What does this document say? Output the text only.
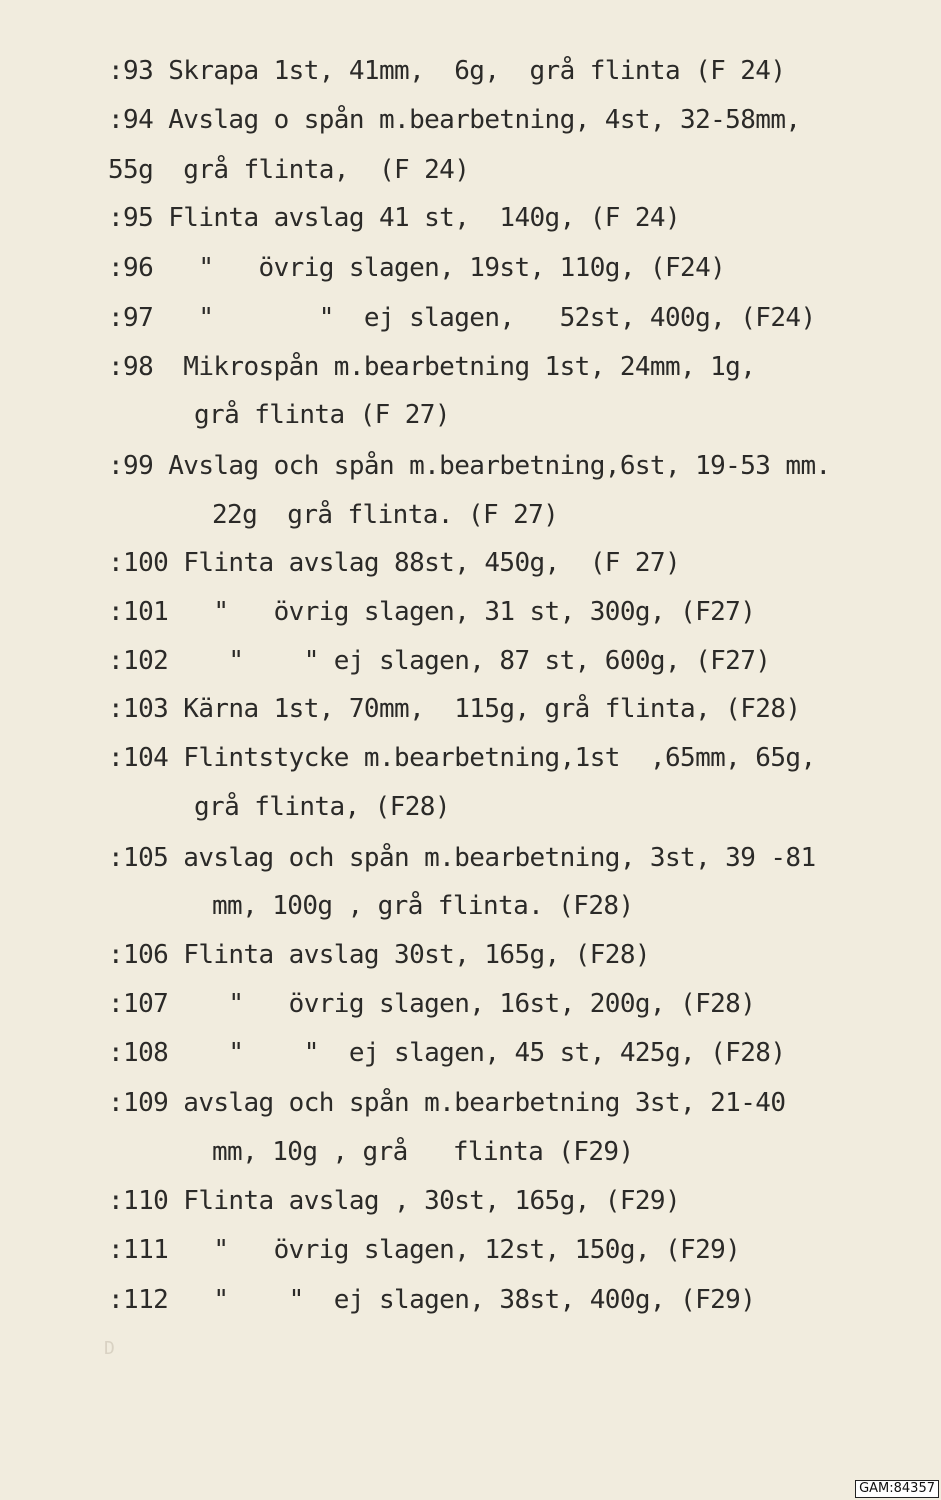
:93 Skrapa 1st, 41mm,  6g,  grå flinta (F 24)
:94 Avslag o spån m.bearbetning, 4st, 32-58mm,
55g  grå flinta,  (F 24)
:95 Flinta avslag 41 st,  140g, (F 24)
:96   "   övrig slagen, 19st, 110g, (F24)
:97   "       "  ej slagen,   52st, 400g, (F24)
:98  Mikrospån m.bearbetning 1st, 24mm, 1g,
grå flinta (F 27)
:99 Avslag och spån m.bearbetning,6st, 19-53 mm.
22g  grå flinta. (F 27)
:100 Flinta avslag 88st, 450g,  (F 27)
:101   "   övrig slagen, 31 st, 300g, (F27)
:102    "    " ej slagen, 87 st, 600g, (F27)
:103 Kärna 1st, 70mm,  115g, grå flinta, (F28)
:104 Flintstycke m.bearbetning,1st  ,65mm, 65g,
grå flinta, (F28)
:105 avslag och spån m.bearbetning, 3st, 39 -81
mm, 100g , grå flinta. (F28)
:106 Flinta avslag 30st, 165g, (F28)
:107    "   övrig slagen, 16st, 200g, (F28)
:108    "    "  ej slagen, 45 st, 425g, (F28)
:109 avslag och spån m.bearbetning 3st, 21-40
mm, 10g , grå   flinta (F29)
:110 Flinta avslag , 30st, 165g, (F29)
:111   "   övrig slagen, 12st, 150g, (F29)
:112   "    "  ej slagen, 38st, 400g, (F29)
D
GAM:84357
